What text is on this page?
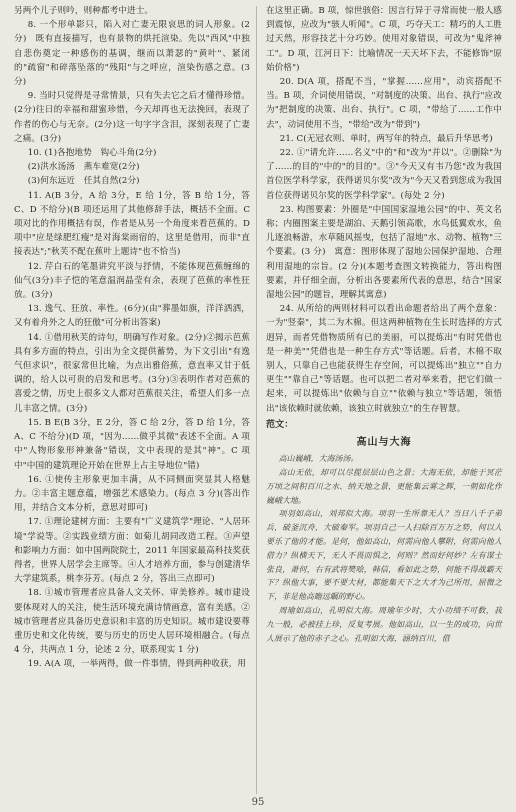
另两个儿子则吟，则种都考中进士。

8. 一个形单影只，陷入对亡妻无限哀思的词人形象。(2分)　既有直接描写，也有景物的烘托渲染。先以"西风"中独自悲伤奠定一种感伤的基调，继而以萧瑟的"黄叶"、紧闭的"疏窗"和碎落坠落的"残阳"与之呼应，渲染伤感之意。(3分)

9. 当时只觉得是寻常情景，只有失去它之后才懂得珍惜。(2分)往日的幸福和甜蜜珍惜，今天却再也无法挽回，表现了作者的伤心与无奈。(2分)这一句字字含泪，深刻表现了亡妻之痛。(3分)

10. (1)各抱地势　钩心斗角(2分)

(2)洪水汤汤　燕车难宽(2分)

(3)何东远近　任其自然(2分)

11. A(B 3分，A 给 3分，E 给 1分，答 B 给 1分，答 C、D 不给分)(B 项还运用了其他修辞手法，概括不全面。C 项对比的作用概括有误，作者是从另一个角度来看芭蕉的。D 项中"应是绿肥红瘦"是对海棠雨宿的，这里是借用，而非"直接表达";"秋芙不配在蕉叶上题诗"也不恰当)

12. 芹白石的笔墨讲究平淡与抒情，不能体现芭蕉缠绵的仙气(3分)丰子恺的笔意温润晶莹有余，表现了芭蕉的率性狂放。(3分)

13. 逸气、狂放、率性。(6分)(由"葬墨如旗，洋洋洒洒，又有着舟外之人的狂傲"可分析出答案)

14. ①借用秋芙的诗句，明确写作对象。(2分)②揭示芭蕉具有多方面的特点，引出为全文提供蓄势，为下文引出"有逸气但求识"，很家常但比喻，为点出雅俗蕉，意直率又甘于低调的，给人以可贵的启发和思考。(3分)③表明作者对芭蕉的喜爱之情，历史上很多文人都对芭蕉很关注，希望人们多一点儿丰富之情。(3分)

15. B E(B 3分，E 2分，答 C 给 2分，答 D 给 1分，答 A、C 不给分)(D 项，"因为……做乎其微"表述不全面。A 项中"人物形象形神兼备"错误，文中表现的是其"神"。C 项中"中国的建筑理论开始在世界上占主导地位"错)

16. ①使传主形象更加丰满，从不同侧面突显其人格魅力。②丰富主题意蕴，增强艺术感染力。(每点 3 分)(答出作用，并结合文本分析，意思对即可)

17. ①理论建树方面：主要有"广义建筑学"理论、"人居环境"学说等。②实践业绩方面：如菊儿胡同改造工程。③声望和影响力方面：如中国两院院士，2011 年国家最高科技奖获得者，世界人居学会主席等。④人才培养方面，参与创建清华大学建筑系，桃李芬芳。(每点 2 分，答出三点即可)

18. ①城市管理者应具备人文关怀、审美修养。城市建设要体现对人的关注，使生活环境充满诗情画意，富有美感。②城市管理者应具备历史意识和丰富的历史知识。城市建设要尊重历史和文化传统，要与历史的历史人居环境相融合。(每点 4 分，共两点 1 分，论述 2 分，联系现实 1 分)

19. A(A 项，一举两得，做一件事情，得到两种收获，用

在这里正确。B 项，惊世骇俗：因言行异于寻常而使一般人感到震惊，应改为"骇人听闻"。C 项，巧夺天工：精巧的人工胜过天然，形容技艺十分巧妙。使用对象错误，可改为"鬼斧神工"。D 项，江河日下：比喻情况一天天坏下去，不能修饰"原始价格")

20. D(A 项，搭配不当，"掌握……应用"，动宾搭配不当。B 项，介词使用错误，"对制度的决策、出台、执行"应改为"把制度的决策、出台、执行"。C 项，"带给了……工作中去"，动词使用不当，"带给"改为"带到")

21. C(无冠衣则、单时，两写年的特点，最后升华思考)

22. ①"请允许……名义"中的"和"改为"并以"。②删除"为了……的目的"中的"的目的"。③"今天又有韦乃您"改为我国首位医学科学家，获得诺贝尔奖"改为"今天又看到您成为我国首位获得诺贝尔奖的医学科学家"。(每处 2 分)

23. 构图要素：外圈是"中国国家湿地公园"的中、英文名称；内圈图案主要是湖泊、天鹅引领高歌，水鸟低翼欢水，鱼儿逐浪畅游，水草随风摇曳，包括了湿地"水、动物、植物"三个要素。(3 分)　寓意：图形体现了湿地公园保护湿地、合理利用湿地的宗旨。(2 分)(本题考查图文转换能力，答出构图要素，并仔细全面，分析出各要素所代表的意思，结合"国家湿地公园"的题旨，理解其寓意)

24. 从所给的两则材料可以看出命题者给出了两个意象：一为"竖秦"，其二为木棉。但这两种植物在生长时选择的方式迥异，而者凭借物质所有已的美丽，可以提炼出"有时凭借也是一种美""凭借也是一种生存方式"等话题。后者，木棉不取别人，只靠自己也能获得生存空间，可以提炼出"独立""自力更生""靠自己"等话题。也可以把二者对举来看，把它们做一起来，可以提炼出"依赖与自立""依赖与独立"等话题，领悟出"该依赖时就依赖，该独立时就独立"的生存智慧。

范文：

高山与大海

高山巍峨，大海汤汤。

高山无依，却可以尽揽层层山色之景；大海无依，却能于冥茫万顷之间积百川之水、纳天地之景，更能集云雾之辉，一朝如化作巍峨大地。

项羽如高山，刘邦似大海。项羽一生所靠无人？当日八千子弟兵，破釜沉舟，大破秦军。项羽自己一人扫除百万万之势，何以人要乐了他的才能。是何，他如高山，何需向他人攀附，何需向他人借力？纵横天下，无人不畏而惧之，何则？然而好何妙？左有谋士张良，萧何，右有武将樊哙，韩信，看如此之势，何能不得战霸天下？纵他大事，要不要大材，都能集天下之大才为己所用，屈微之下，非是他高瞻远瞩的野心。

周瑜如高山，孔明似大海。周瑜年少时，大小功绩不可数，我九一般，必被挂上珍，反复考展。他如高山，以一生的成功，向世人展示了他的赤子之心。孔明如大海，涵纳百川，借

95
